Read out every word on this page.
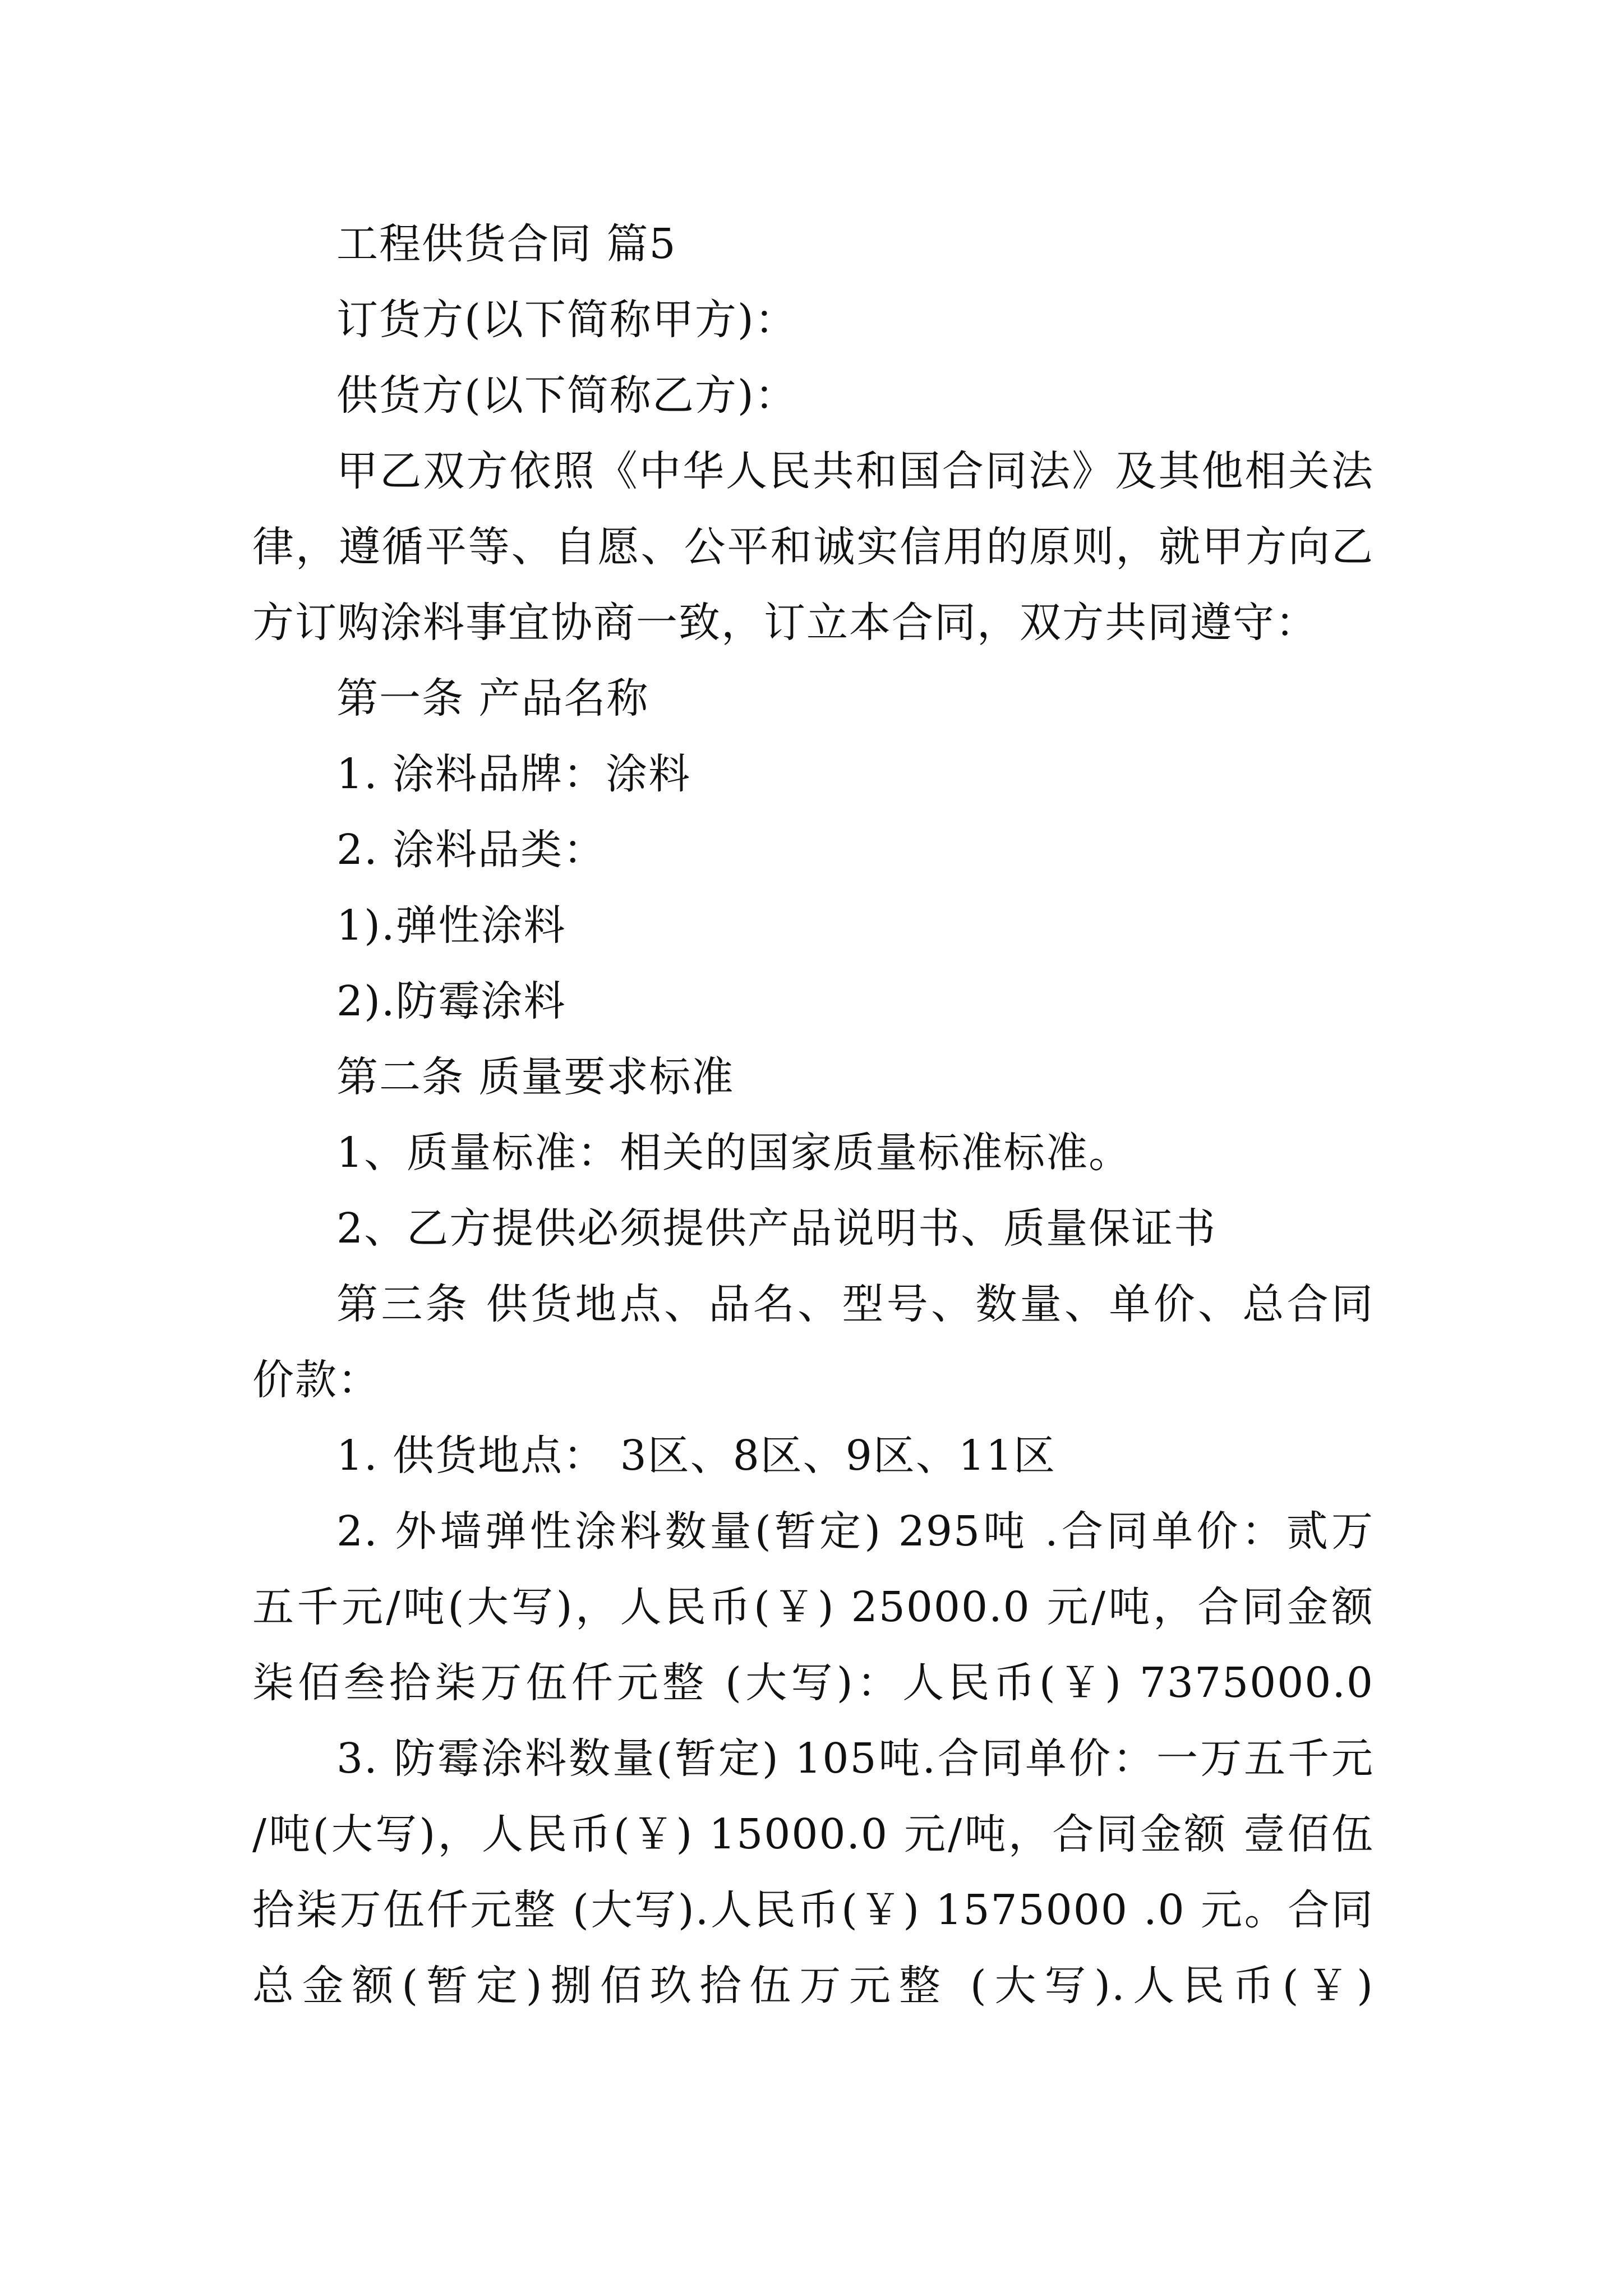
工程供货合同 篇5
订货方(以下简称甲方)：
供货方(以下简称乙方)：
甲乙双方依照《中华人民共和国合同法》及其他相关法
律，遵循平等、自愿、公平和诚实信用的原则，就甲方向乙
方订购涂料事宜协商一致，订立本合同，双方共同遵守：
第一条 产品名称
1. 涂料品牌：涂料
2. 涂料品类：
1).弹性涂料
2).防霉涂料
第二条 质量要求标准
1、质量标准：相关的国家质量标准标准。
2、乙方提供必须提供产品说明书、质量保证书
第三条 供货地点、品名、型号、数量、单价、总合同
价款：
1. 供货地点： 3区、8区、9区、11区
2. 外墙弹性涂料数量(暂定) 295吨 .合同单价：贰万
五千元/吨(大写)，人民币(￥) 25000.0 元/吨，合同金额
柒佰叁拾柒万伍仟元整 (大写)：人民币(￥) 7375000.0
3. 防霉涂料数量(暂定) 105吨.合同单价：一万五千元
/吨(大写)，人民币(￥) 15000.0 元/吨，合同金额 壹佰伍
拾柒万伍仟元整 (大写).人民币(￥) 1575000 .0 元。合同
总金额(暂定)捌佰玖拾伍万元整 (大写).人民币(￥)
